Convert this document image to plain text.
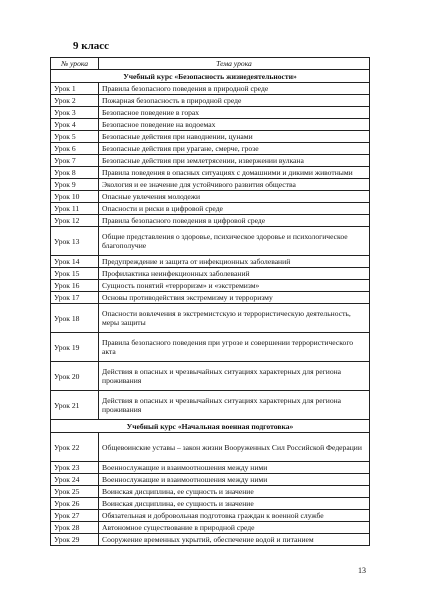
9 класс
№ урока	Тема урока
Учебный курс «Безопасность жизнедеятельности»	
Урок 1	Правила безопасного поведения в природной среде
Урок 2	Пожарная безопасность в природной среде
Урок 3	Безопасное поведение в горах
Урок 4	Безопасное поведение на водоемах
Урок 5	Безопасные действия при наводнении, цунами
Урок 6	Безопасные действия при урагане, смерче, грозе
Урок 7	Безопасные действия при землетрясении, извержении вулкана
Урок 8	Правила поведения в опасных ситуациях с домашними и дикими животными
Урок 9	Экология и ее значение для устойчивого развития общества
Урок 10	Опасные увлечения молодежи
Урок 11	Опасности и риски в цифровой среде
Урок 12	Правила безопасного поведения в цифровой среде
Урок 13	Общие представления о здоровье, психическое здоровье и психологическое благополучие
Урок 14	Предупреждение и защита от инфекционных заболеваний
Урок 15	Профилактика неинфекционных заболеваний
Урок 16	Сущность понятий «терроризм» и «экстремизм»
Урок 17	Основы противодействия экстремизму и терроризму
Урок 18	Опасности вовлечения в экстремистскую и террористическую деятельность, меры защиты
Урок 19	Правила безопасного поведения при угрозе и совершении террористического акта
Урок 20	Действия в опасных и чрезвычайных ситуациях характерных для региона проживания
Урок 21	Действия в опасных и чрезвычайных ситуациях характерных для региона проживания
Учебный курс «Начальная военная подготовка»	
Урок 22	Общевоинские уставы – закон жизни Вооруженных Сил Российской Федерации
Урок 23	Военнослужащие и взаимоотношения между ними
Урок 24	Военнослужащие и взаимоотношения между ними
Урок 25	Воинская дисциплина, ее сущность и значение
Урок 26	Воинская дисциплина, ее сущность и значение
Урок 27	Обязательная и добровольная подготовка граждан к военной службе
Урок 28	Автономное существование в природной среде
Урок 29	Сооружение временных укрытий, обеспечение водой и питанием
13
